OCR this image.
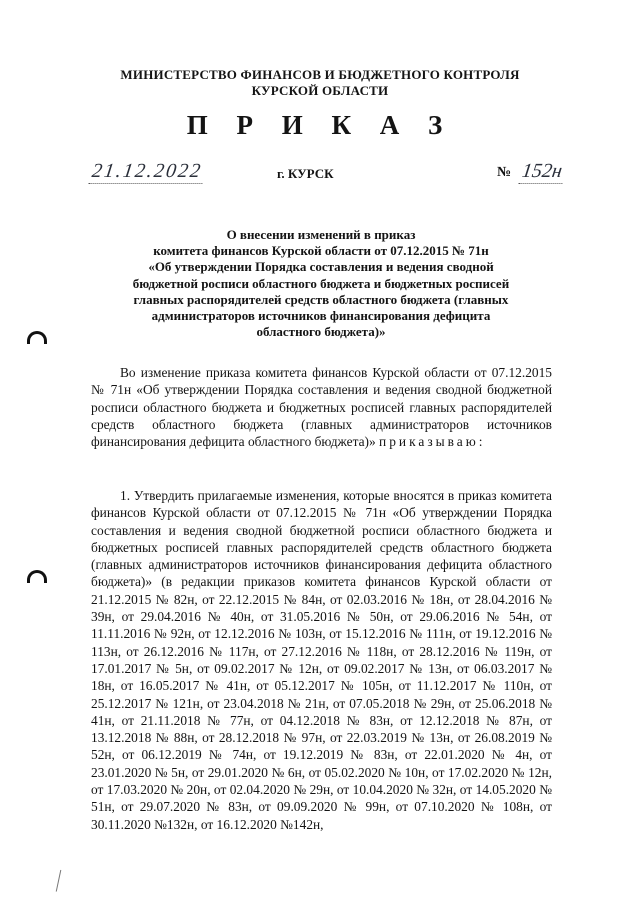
МИНИСТЕРСТВО ФИНАНСОВ И БЮДЖЕТНОГО КОНТРОЛЯ
КУРСКОЙ ОБЛАСТИ
П Р И К А З
21.12.2022	г. КУРСК	№ 152н

О внесении изменений в приказ

комитета финансов Курской области от 07.12.2015 № 71н

«Об утверждении Порядка составления и ведения сводной

бюджетной росписи областного бюджета и бюджетных росписей

главных распорядителей средств областного бюджета (главных

администраторов источников финансирования дефицита

областного бюджета)»

Во изменение приказа комитета финансов Курской области от 07.12.2015 № 71н «Об утверждении Порядка составления и ведения сводной бюджетной росписи областного бюджета и бюджетных росписей главных распорядителей средств областного бюджета (главных администраторов источников финансирования дефицита областного бюджета)» приказываю:

1. Утвердить прилагаемые изменения, которые вносятся в приказ комитета финансов Курской области от 07.12.2015 № 71н «Об утверждении Порядка составления и ведения сводной бюджетной росписи областного бюджета и бюджетных росписей главных распорядителей средств областного бюджета (главных администраторов источников финансирования дефицита областного бюджета)» (в редакции приказов комитета финансов Курской области от 21.12.2015 № 82н, от 22.12.2015 № 84н, от 02.03.2016 № 18н, от 28.04.2016 № 39н, от 29.04.2016 № 40н, от 31.05.2016 № 50н, от 29.06.2016 № 54н, от 11.11.2016 № 92н, от 12.12.2016 № 103н, от 15.12.2016 № 111н, от 19.12.2016 № 113н, от 26.12.2016 № 117н, от 27.12.2016 № 118н, от 28.12.2016 № 119н, от 17.01.2017 № 5н, от 09.02.2017 № 12н, от 09.02.2017 № 13н, от 06.03.2017 № 18н, от 16.05.2017 № 41н, от 05.12.2017 № 105н, от 11.12.2017 № 110н, от 25.12.2017 № 121н, от 23.04.2018 № 21н, от 07.05.2018 № 29н, от 25.06.2018 № 41н, от 21.11.2018 № 77н, от 04.12.2018 № 83н, от 12.12.2018 № 87н, от 13.12.2018 № 88н, от 28.12.2018 № 97н, от 22.03.2019 № 13н, от 26.08.2019 № 52н, от 06.12.2019 № 74н, от 19.12.2019 № 83н, от 22.01.2020 № 4н, от 23.01.2020 № 5н, от 29.01.2020 № 6н, от 05.02.2020 № 10н, от 17.02.2020 № 12н, от 17.03.2020 № 20н, от 02.04.2020 № 29н, от 10.04.2020 № 32н, от 14.05.2020 № 51н, от 29.07.2020 № 83н, от 09.09.2020 № 99н, от 07.10.2020 № 108н, от 30.11.2020 №132н, от 16.12.2020 №142н,
